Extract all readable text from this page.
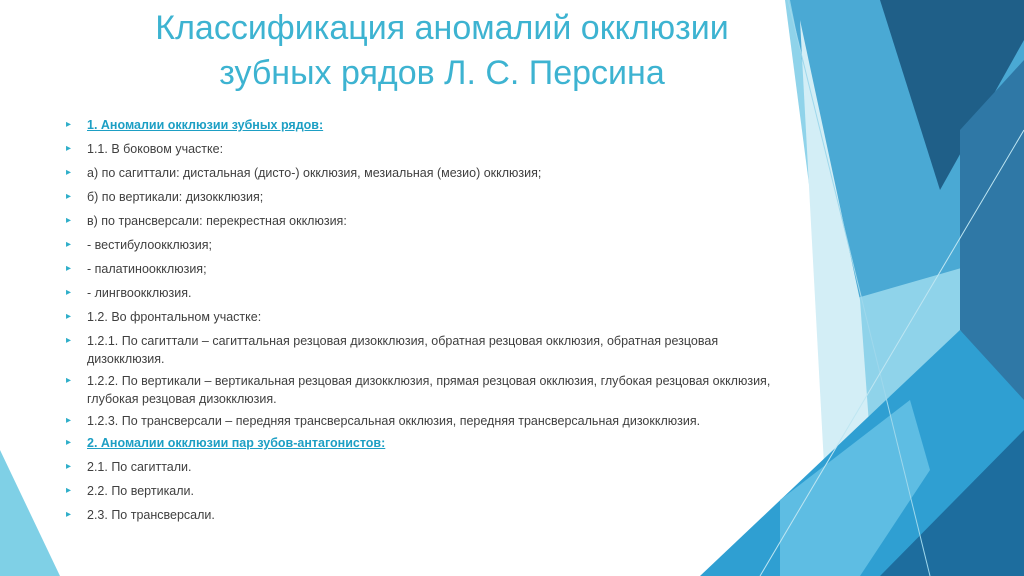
Классификация аномалий окклюзии
зубных рядов Л. С. Персина
▸ 1. Аномалии окклюзии зубных рядов:
▸ 1.1. В боковом участке:
▸ а) по сагиттали: дистальная (дисто-) окклюзия, мезиальная (мезио) окклюзия;
▸ б) по вертикали: дизокклюзия;
▸ в) по трансверсали: перекрестная окклюзия:
▸ - вестибулоокклюзия;
▸ - палатиноокклюзия;
▸ - лингвоокклюзия.
▸ 1.2. Во фронтальном участке:
▸ 1.2.1. По сагиттали – сагиттальная резцовая дизокклюзия, обратная резцовая окклюзия, обратная резцовая дизокклюзия.
▸ 1.2.2. По вертикали – вертикальная резцовая дизокклюзия, прямая резцовая окклюзия, глубокая резцовая окклюзия, глубокая резцовая дизокклюзия.
▸ 1.2.3. По трансверсали – передняя трансверсальная окклюзия, передняя трансверсальная дизокклюзия.
▸ 2. Аномалии окклюзии пар зубов-антагонистов:
▸ 2.1. По сагиттали.
▸ 2.2. По вертикали.
▸ 2.3. По трансверсали.
